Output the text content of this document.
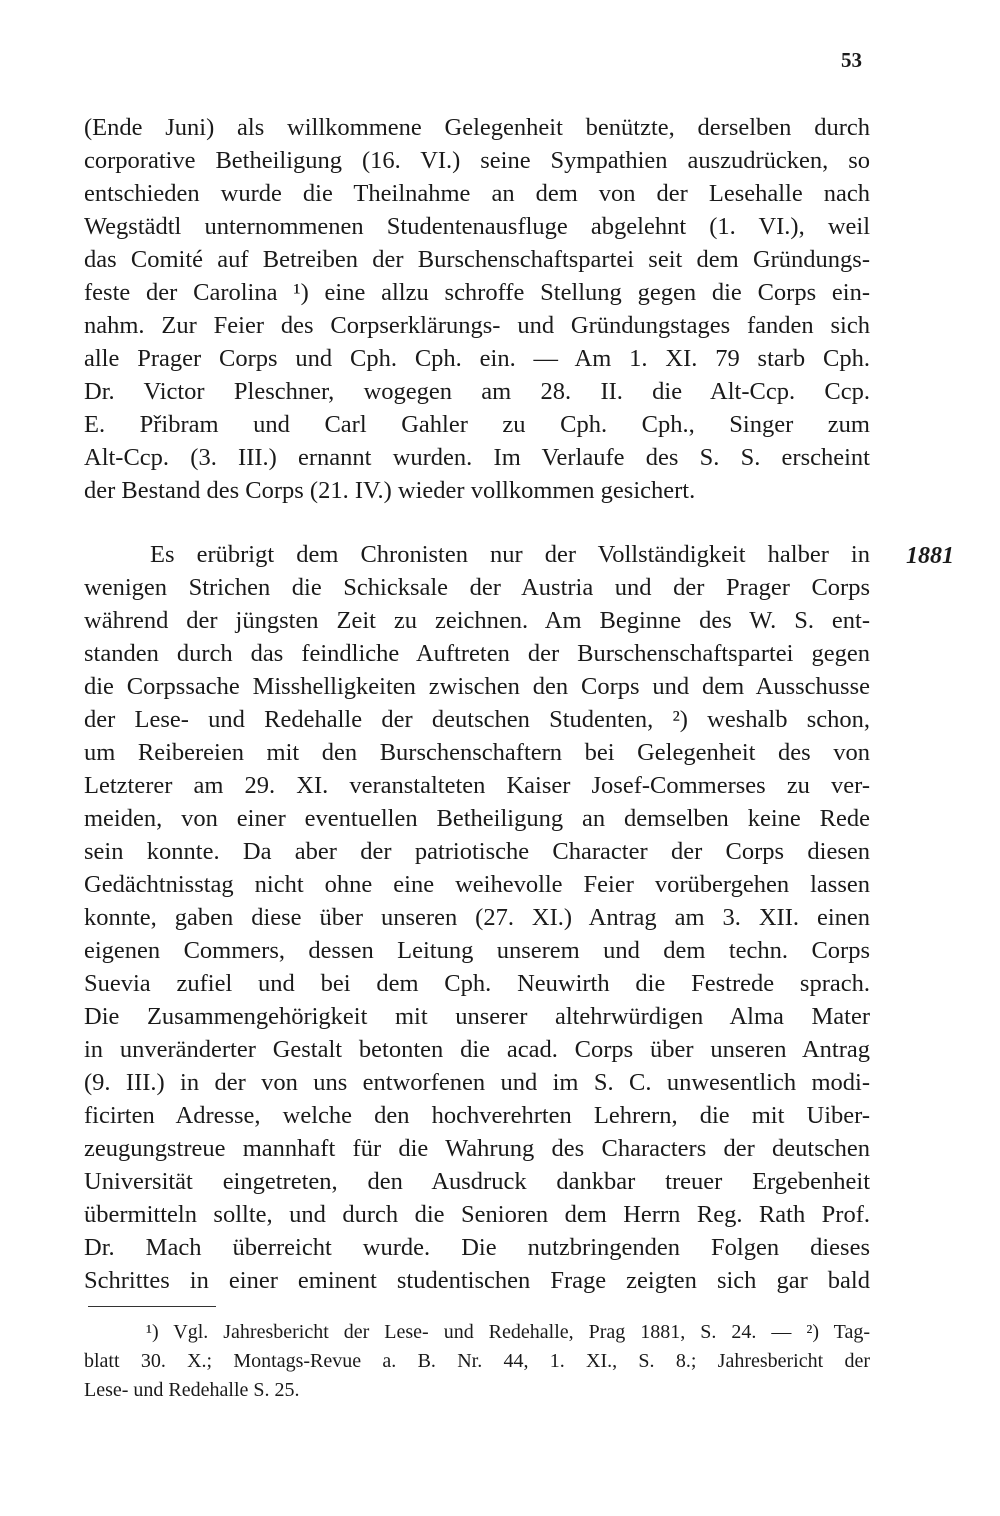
53
(Ende Juni) als willkommene Gelegenheit benützte, derselben durch
corporative Betheiligung (16. VI.) seine Sympathien auszudrücken, so
entschieden wurde die Theilnahme an dem von der Lesehalle nach
Wegstädtl unternommenen Studentenausfluge abgelehnt (1. VI.), weil
das Comité auf Betreiben der Burschenschaftspartei seit dem Gründungs-
feste der Carolina ¹) eine allzu schroffe Stellung gegen die Corps ein-
nahm. Zur Feier des Corpserklärungs- und Gründungstages fanden sich
alle Prager Corps und Cph. Cph. ein. — Am 1. XI. 79 starb Cph.
Dr. Victor Pleschner, wogegen am 28. II. die Alt-Ccp. Ccp.
E. Přibram und Carl Gahler zu Cph. Cph., Singer zum
Alt-Ccp. (3. III.) ernannt wurden. Im Verlaufe des S. S. erscheint
der Bestand des Corps (21. IV.) wieder vollkommen gesichert.
1881
Es erübrigt dem Chronisten nur der Vollständigkeit halber in
wenigen Strichen die Schicksale der Austria und der Prager Corps
während der jüngsten Zeit zu zeichnen. Am Beginne des W. S. ent-
standen durch das feindliche Auftreten der Burschenschaftspartei gegen
die Corpssache Misshelligkeiten zwischen den Corps und dem Ausschusse
der Lese- und Redehalle der deutschen Studenten, ²) weshalb schon,
um Reibereien mit den Burschenschaftern bei Gelegenheit des von
Letzterer am 29. XI. veranstalteten Kaiser Josef-Commerses zu ver-
meiden, von einer eventuellen Betheiligung an demselben keine Rede
sein konnte. Da aber der patriotische Character der Corps diesen
Gedächtnisstag nicht ohne eine weihevolle Feier vorübergehen lassen
konnte, gaben diese über unseren (27. XI.) Antrag am 3. XII. einen
eigenen Commers, dessen Leitung unserem und dem techn. Corps
Suevia zufiel und bei dem Cph. Neuwirth die Festrede sprach.
Die Zusammengehörigkeit mit unserer altehrwürdigen Alma Mater
in unveränderter Gestalt betonten die acad. Corps über unseren Antrag
(9. III.) in der von uns entworfenen und im S. C. unwesentlich modi-
ficirten Adresse, welche den hochverehrten Lehrern, die mit Uiber-
zeugungstreue mannhaft für die Wahrung des Characters der deutschen
Universität eingetreten, den Ausdruck dankbar treuer Ergebenheit
übermitteln sollte, und durch die Senioren dem Herrn Reg. Rath Prof.
Dr. Mach überreicht wurde. Die nutzbringenden Folgen dieses
Schrittes in einer eminent studentischen Frage zeigten sich gar bald
¹) Vgl. Jahresbericht der Lese- und Redehalle, Prag 1881, S. 24. — ²) Tag-
blatt 30. X.; Montags-Revue a. B. Nr. 44, 1. XI., S. 8.; Jahresbericht der
Lese- und Redehalle S. 25.
